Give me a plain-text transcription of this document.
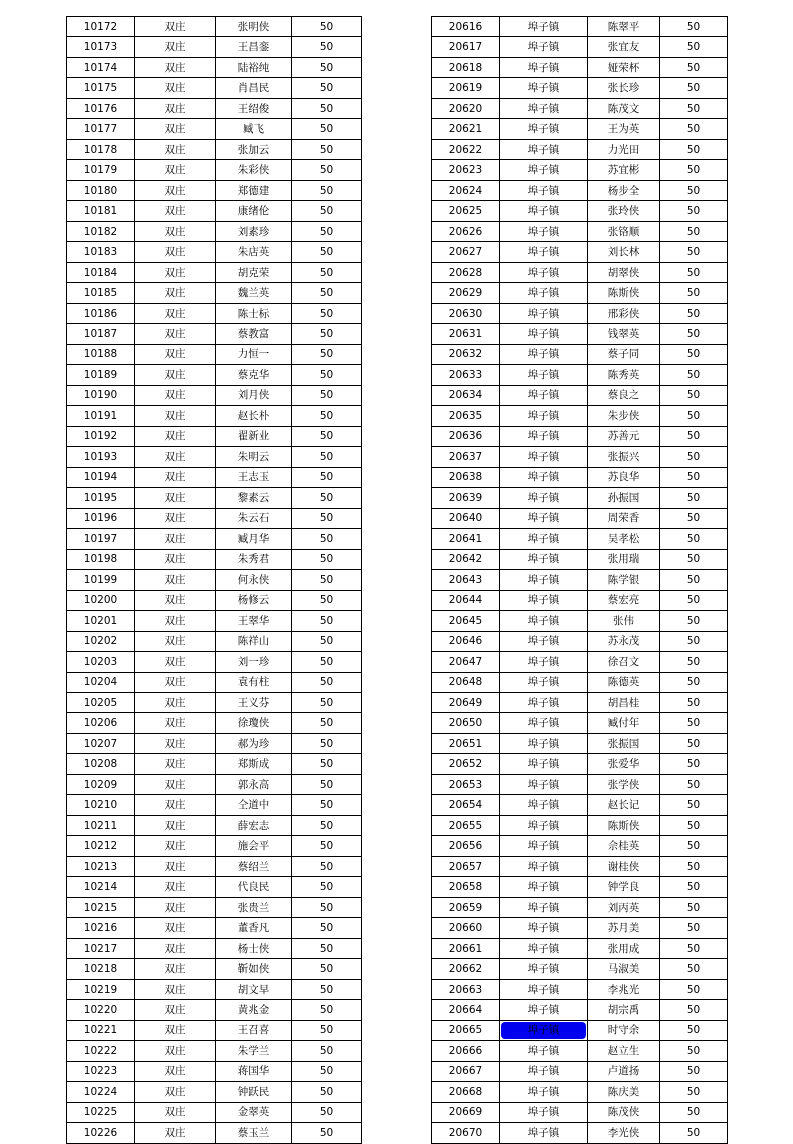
10172	双庄	张明侠	50
10173	双庄	王昌銮	50
10174	双庄	陆裕纯	50
10175	双庄	肖昌民	50
10176	双庄	王绍俊	50
10177	双庄	臧飞	50
10178	双庄	张加云	50
10179	双庄	朱彩侠	50
10180	双庄	郑德建	50
10181	双庄	康绪伦	50
10182	双庄	刘素珍	50
10183	双庄	朱店英	50
10184	双庄	胡克荣	50
10185	双庄	魏兰英	50
10186	双庄	陈士标	50
10187	双庄	蔡教富	50
10188	双庄	力恒一	50
10189	双庄	蔡克华	50
10190	双庄	刘月侠	50
10191	双庄	赵长朴	50
10192	双庄	翟新业	50
10193	双庄	朱明云	50
10194	双庄	王志玉	50
10195	双庄	黎素云	50
10196	双庄	朱云石	50
10197	双庄	臧月华	50
10198	双庄	朱秀君	50
10199	双庄	何永侠	50
10200	双庄	杨修云	50
10201	双庄	王翠华	50
10202	双庄	陈祥山	50
10203	双庄	刘一珍	50
10204	双庄	袁有柱	50
10205	双庄	王义芬	50
10206	双庄	徐瓊侠	50
10207	双庄	郝为珍	50
10208	双庄	郑斯成	50
10209	双庄	郭永高	50
10210	双庄	仝道中	50
10211	双庄	薛宏志	50
10212	双庄	施会平	50
10213	双庄	蔡绍兰	50
10214	双庄	代良民	50
10215	双庄	张贵兰	50
10216	双庄	董香凡	50
10217	双庄	杨士侠	50
10218	双庄	靳如侠	50
10219	双庄	胡文早	50
10220	双庄	黄兆金	50
10221	双庄	王召喜	50
10222	双庄	朱学兰	50
10223	双庄	蒋国华	50
10224	双庄	钟跃民	50
10225	双庄	金翠英	50
10226	双庄	蔡玉兰	50
20616	埠子镇	陈翠平	50
20617	埠子镇	张宜友	50
20618	埠子镇	娅荣杯	50
20619	埠子镇	张长珍	50
20620	埠子镇	陈茂文	50
20621	埠子镇	王为英	50
20622	埠子镇	力光田	50
20623	埠子镇	苏宜彬	50
20624	埠子镇	杨步全	50
20625	埠子镇	张玲侠	50
20626	埠子镇	张铬顺	50
20627	埠子镇	刘长林	50
20628	埠子镇	胡翠侠	50
20629	埠子镇	陈斯侠	50
20630	埠子镇	邢彩侠	50
20631	埠子镇	钱翠英	50
20632	埠子镇	蔡子同	50
20633	埠子镇	陈秀英	50
20634	埠子镇	蔡良之	50
20635	埠子镇	朱步侠	50
20636	埠子镇	苏善元	50
20637	埠子镇	张振兴	50
20638	埠子镇	苏良华	50
20639	埠子镇	孙振国	50
20640	埠子镇	周荣香	50
20641	埠子镇	吴孝松	50
20642	埠子镇	张用瑞	50
20643	埠子镇	陈学银	50
20644	埠子镇	蔡宏亮	50
20645	埠子镇	张伟	50
20646	埠子镇	苏永茂	50
20647	埠子镇	徐召文	50
20648	埠子镇	陈德英	50
20649	埠子镇	胡昌桂	50
20650	埠子镇	臧付年	50
20651	埠子镇	张振国	50
20652	埠子镇	张爱华	50
20653	埠子镇	张学侠	50
20654	埠子镇	赵长记	50
20655	埠子镇	陈斯侠	50
20656	埠子镇	佘桂英	50
20657	埠子镇	谢桂侠	50
20658	埠子镇	钟学良	50
20659	埠子镇	刘丙英	50
20660	埠子镇	苏月美	50
20661	埠子镇	张用成	50
20662	埠子镇	马淑美	50
20663	埠子镇	李兆光	50
20664	埠子镇	胡宗禹	50
20665	埠子镇	时守余	50
20666	埠子镇	赵立生	50
20667	埠子镇	卢道扬	50
20668	埠子镇	陈庆美	50
20669	埠子镇	陈茂侠	50
20670	埠子镇	李光侠	50
